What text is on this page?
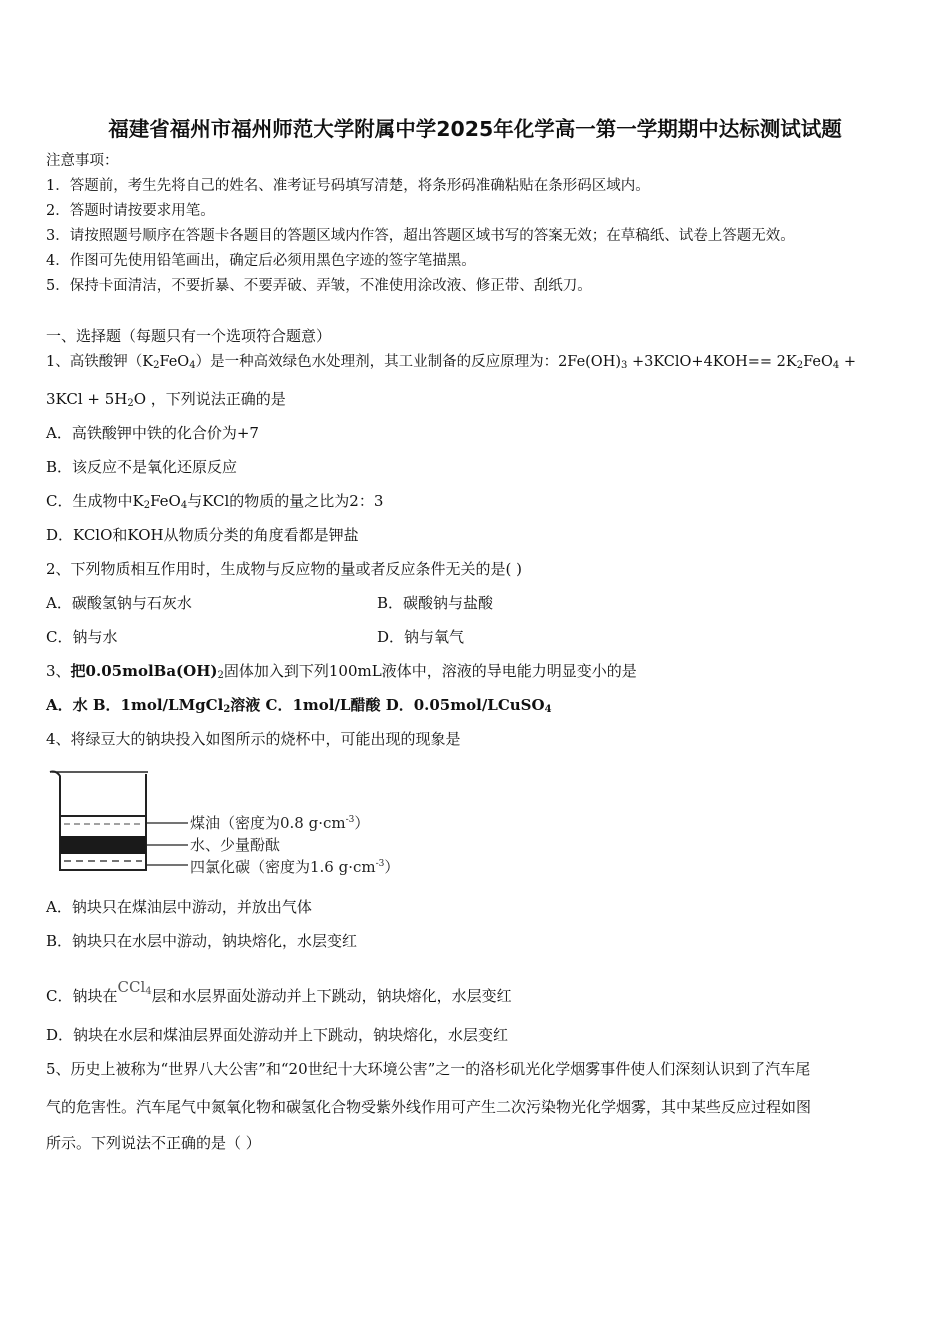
福建省福州市福州师范大学附属中学2025年化学高一第一学期期中达标测试试题
注意事项：
1．答题前，考生先将自己的姓名、准考证号码填写清楚，将条形码准确粘贴在条形码区域内。
2．答题时请按要求用笔。
3．请按照题号顺序在答题卡各题目的答题区域内作答，超出答题区域书写的答案无效；在草稿纸、试卷上答题无效。
4．作图可先使用铅笔画出，确定后必须用黑色字迹的签字笔描黑。
5．保持卡面清洁，不要折暴、不要弄破、弄皱，不准使用涂改液、修正带、刮纸刀。
一、选择题（每题只有一个选项符合题意）
1、高铁酸钾$(K_2FeO_4)$是一种高效绿色水处理剂，其工业制备的反应原理为：$2Fe(OH)_3$ +3KClO+4KOH== $2K_2FeO_4$ +
$3KCl + 5H_2O$ ，下列说法正确的是
A．高铁酸钾中铁的化合价为+7
B．该反应不是氧化还原反应
C．生成物中$K_2FeO_4$与KCl的物质的量之比为2：3
D．KClO和KOH从物质分类的角度看都是钾盐
2、下列物质相互作用时，生成物与反应物的量或者反应条件无关的是( )
A．碳酸氢钠与石灰水	B．碳酸钠与盐酸
C．钠与水	D．钠与氧气
3、把$0.05molBa(OH)_2$固体加入到下列100mL液体中，溶液的导电能力明显变小的是
A．水 B．1mol/LMgCl$_2$溶液 C．1mol/L醋酸 D．0.05mol/LCuSO$_4$
4、将绿豆大的钠块投入如图所示的烧杯中，可能出现的现象是
煤油（密度为0.8 $g\cdot cm^{-3}$）
水、少量酚酞
四氯化碳（密度为1.6 $g\cdot cm^{-3}$）
A．钠块只在煤油层中游动，并放出气体
B．钠块只在水层中游动，钠块熔化，水层变红
C．钠块在CCl$_4$层和水层界面处游动并上下跳动，钠块熔化，水层变红
D．钠块在水层和煤油层界面处游动并上下跳动，钠块熔化，水层变红
5、历史上被称为“世界八大公害”和“20世纪十大环境公害”之一的洛杉矶光化学烟雾事件使人们深刻认识到了汽车尾
气的危害性。汽车尾气中氮氧化物和碳氢化合物受紫外线作用可产生二次污染物光化学烟雾，其中某些反应过程如图
所示。下列说法不正确的是（ ）
